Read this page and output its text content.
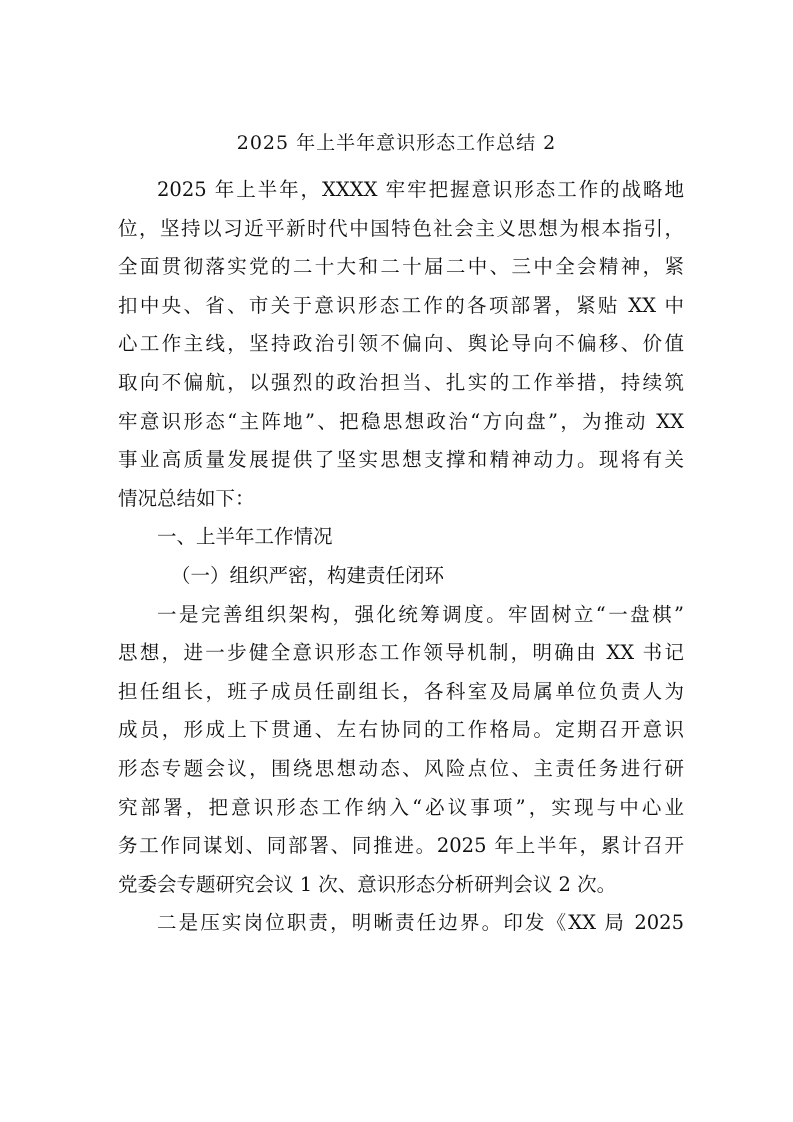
2025 年上半年意识形态工作总结 2
2025 年上半年，XXXX 牢牢把握意识形态工作的战略地
位，坚持以习近平新时代中国特色社会主义思想为根本指引，
全面贯彻落实党的二十大和二十届二中、三中全会精神，紧
扣中央、省、市关于意识形态工作的各项部署，紧贴 XX 中
心工作主线，坚持政治引领不偏向、舆论导向不偏移、价值
取向不偏航，以强烈的政治担当、扎实的工作举措，持续筑
牢意识形态“主阵地”、把稳思想政治“方向盘”，为推动 XX
事业高质量发展提供了坚实思想支撑和精神动力。现将有关
情况总结如下：
一、上半年工作情况
（一）组织严密，构建责任闭环
一是完善组织架构，强化统筹调度。牢固树立“一盘棋”
思想，进一步健全意识形态工作领导机制，明确由 XX 书记
担任组长，班子成员任副组长，各科室及局属单位负责人为
成员，形成上下贯通、左右协同的工作格局。定期召开意识
形态专题会议，围绕思想动态、风险点位、主责任务进行研
究部署，把意识形态工作纳入“必议事项”，实现与中心业
务工作同谋划、同部署、同推进。2025 年上半年，累计召开
党委会专题研究会议 1 次、意识形态分析研判会议 2 次。
二是压实岗位职责，明晰责任边界。印发《XX 局 2025
